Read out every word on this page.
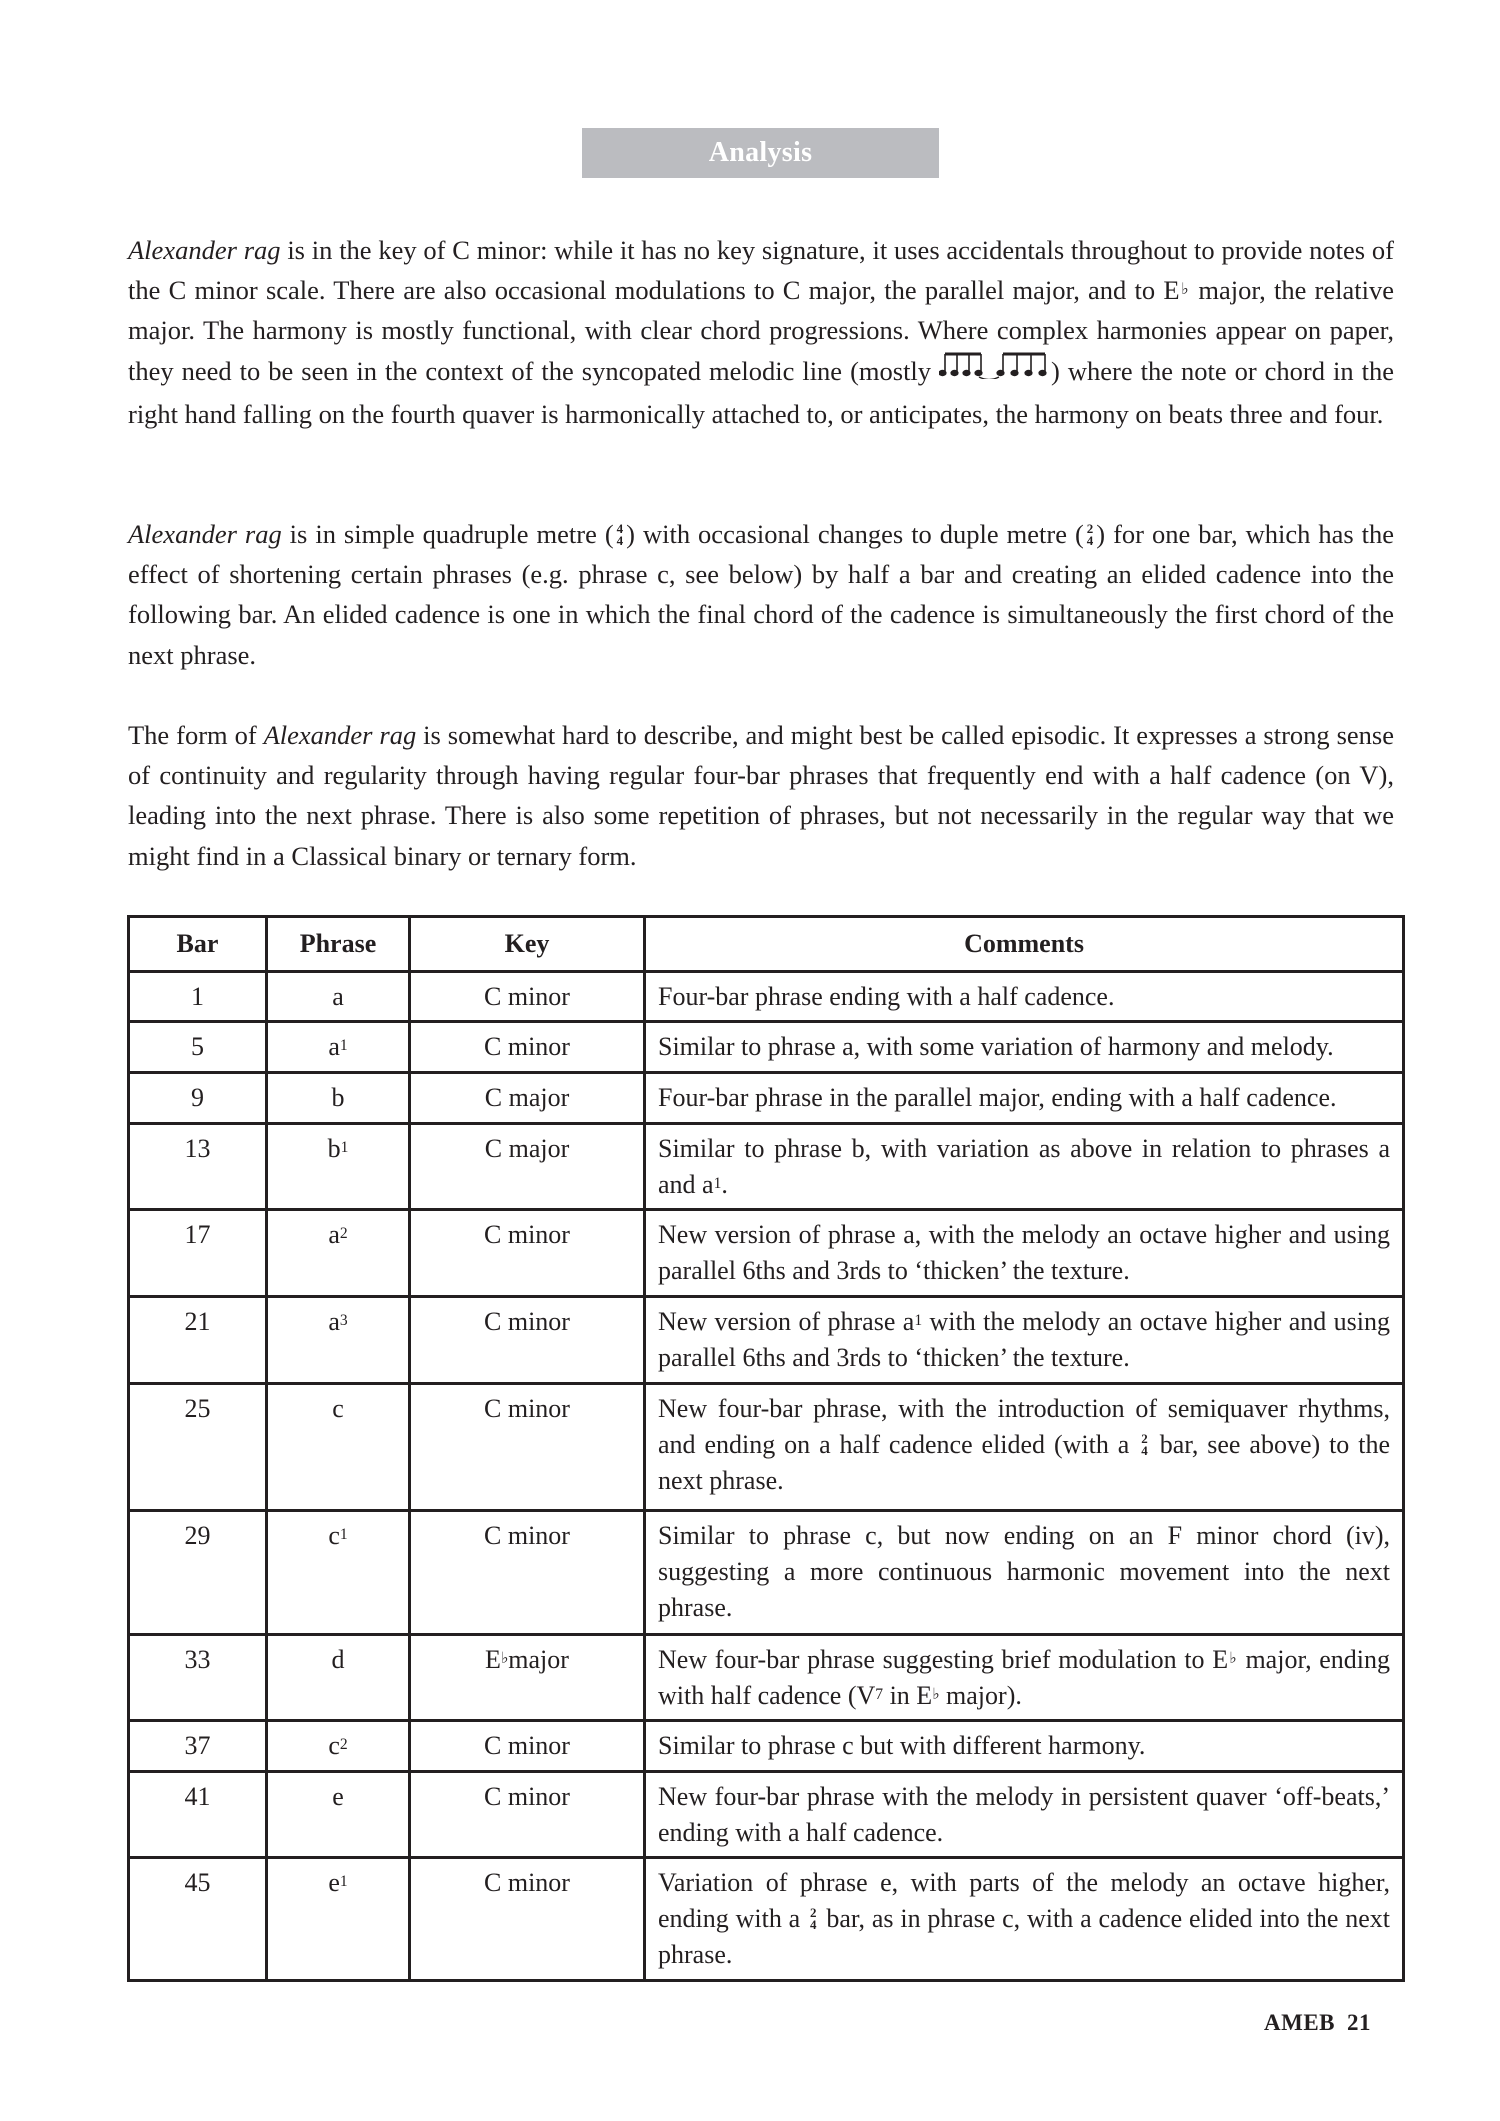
Analysis

Alexander rag is in the key of C minor: while it has no key signature, it uses accidentals throughout to provide notes of the C minor scale. There are also occasional modulations to C major, the parallel major, and to E♭ major, the relative major. The harmony is mostly functional, with clear chord progressions. Where complex harmonies appear on paper, they need to be seen in the context of the syncopated melodic line (mostly	) where the note or chord in the right hand falling on the fourth quaver is harmonically attached to, or anticipates, the harmony on beats three and four.

Alexander rag is in simple quadruple metre ( 4
4 ) with occasional changes to duple metre ( 2
4 ) for one bar, which has the effect of shortening certain phrases (e.g. phrase c, see below) by half a bar and creating an elided cadence into the following bar. An elided cadence is one in which the final chord of the cadence is simultaneously the first chord of the next phrase.

The form of Alexander rag is somewhat hard to describe, and might best be called episodic. It expresses a strong sense of continuity and regularity through having regular four-bar phrases that frequently end with a half cadence (on V), leading into the next phrase. There is also some repetition of phrases, but not necessarily in the regular way that we might find in a Classical binary or ternary form.

Bar	Phrase	Key	Comments
1	a	C minor	Four-bar phrase ending with a half cadence.
5	$a^1$	C minor	Similar to phrase a, with some variation of harmony and melody.
9	b	C major	Four-bar phrase in the parallel major, ending with a half cadence.
13	$b^1$	C major	Similar to phrase b, with variation as above in relation to phrases a and $a^1$.
17	$a^2$	C minor	New version of phrase a, with the melody an octave higher and using parallel 6ths and 3rds to ‘thicken’ the texture.
21	$a^3$	C minor	New version of phrase $a^1$ with the melody an octave higher and using parallel 6ths and 3rds to ‘thicken’ the texture.
25	c	C minor	New four-bar phrase, with the introduction of semiquaver rhythms, and ending on a half cadence elided (with a 2
4 bar, see above) to the next phrase.
29	$c^1$	C minor	Similar to phrase c, but now ending on an F minor chord (iv), suggesting a more continuous harmonic movement into the next phrase.
33	d	E♭major	New four-bar phrase suggesting brief modulation to E♭ major, ending with half cadence ($V^7$ in E♭ major).
37	$c^2$	C minor	Similar to phrase c but with different harmony.
41	e	C minor	New four-bar phrase with the melody in persistent quaver ‘off-beats,’ ending with a half cadence.
45	$e^1$	C minor	Variation of phrase e, with parts of the melody an octave higher, ending with a 2
4 bar, as in phrase c, with a cadence elided into the next phrase.
AMEB 21
